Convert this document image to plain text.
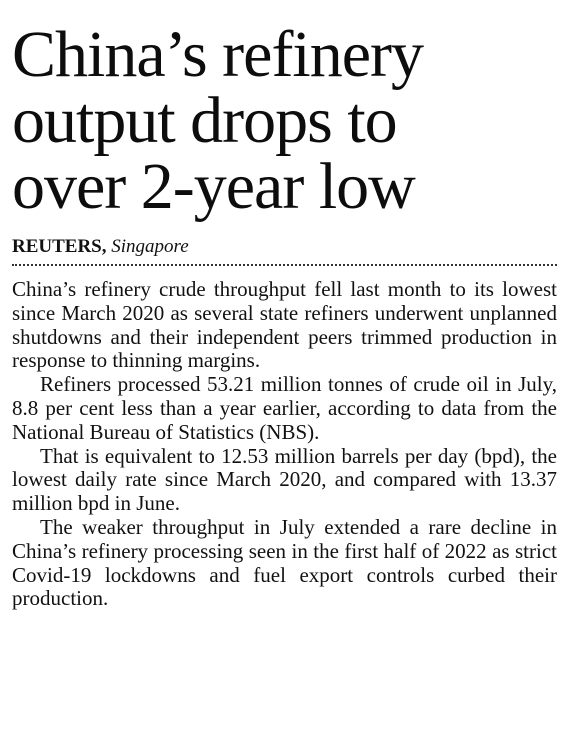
China’s refinery
output drops to
over 2-year low
REUTERS, Singapore

China’s refinery crude throughput fell last month to its lowest since March 2020 as several state refiners underwent unplanned shutdowns and their independent peers trimmed production in response to thinning margins.

Refiners processed 53.21 million tonnes of crude oil in July, 8.8 per cent less than a year earlier, according to data from the National Bureau of Statistics (NBS).

That is equivalent to 12.53 million barrels per day (bpd), the lowest daily rate since March 2020, and compared with 13.37 million bpd in June.

The weaker throughput in July extended a rare decline in China’s refinery processing seen in the first half of 2022 as strict Covid-19 lockdowns and fuel export controls curbed their production.
